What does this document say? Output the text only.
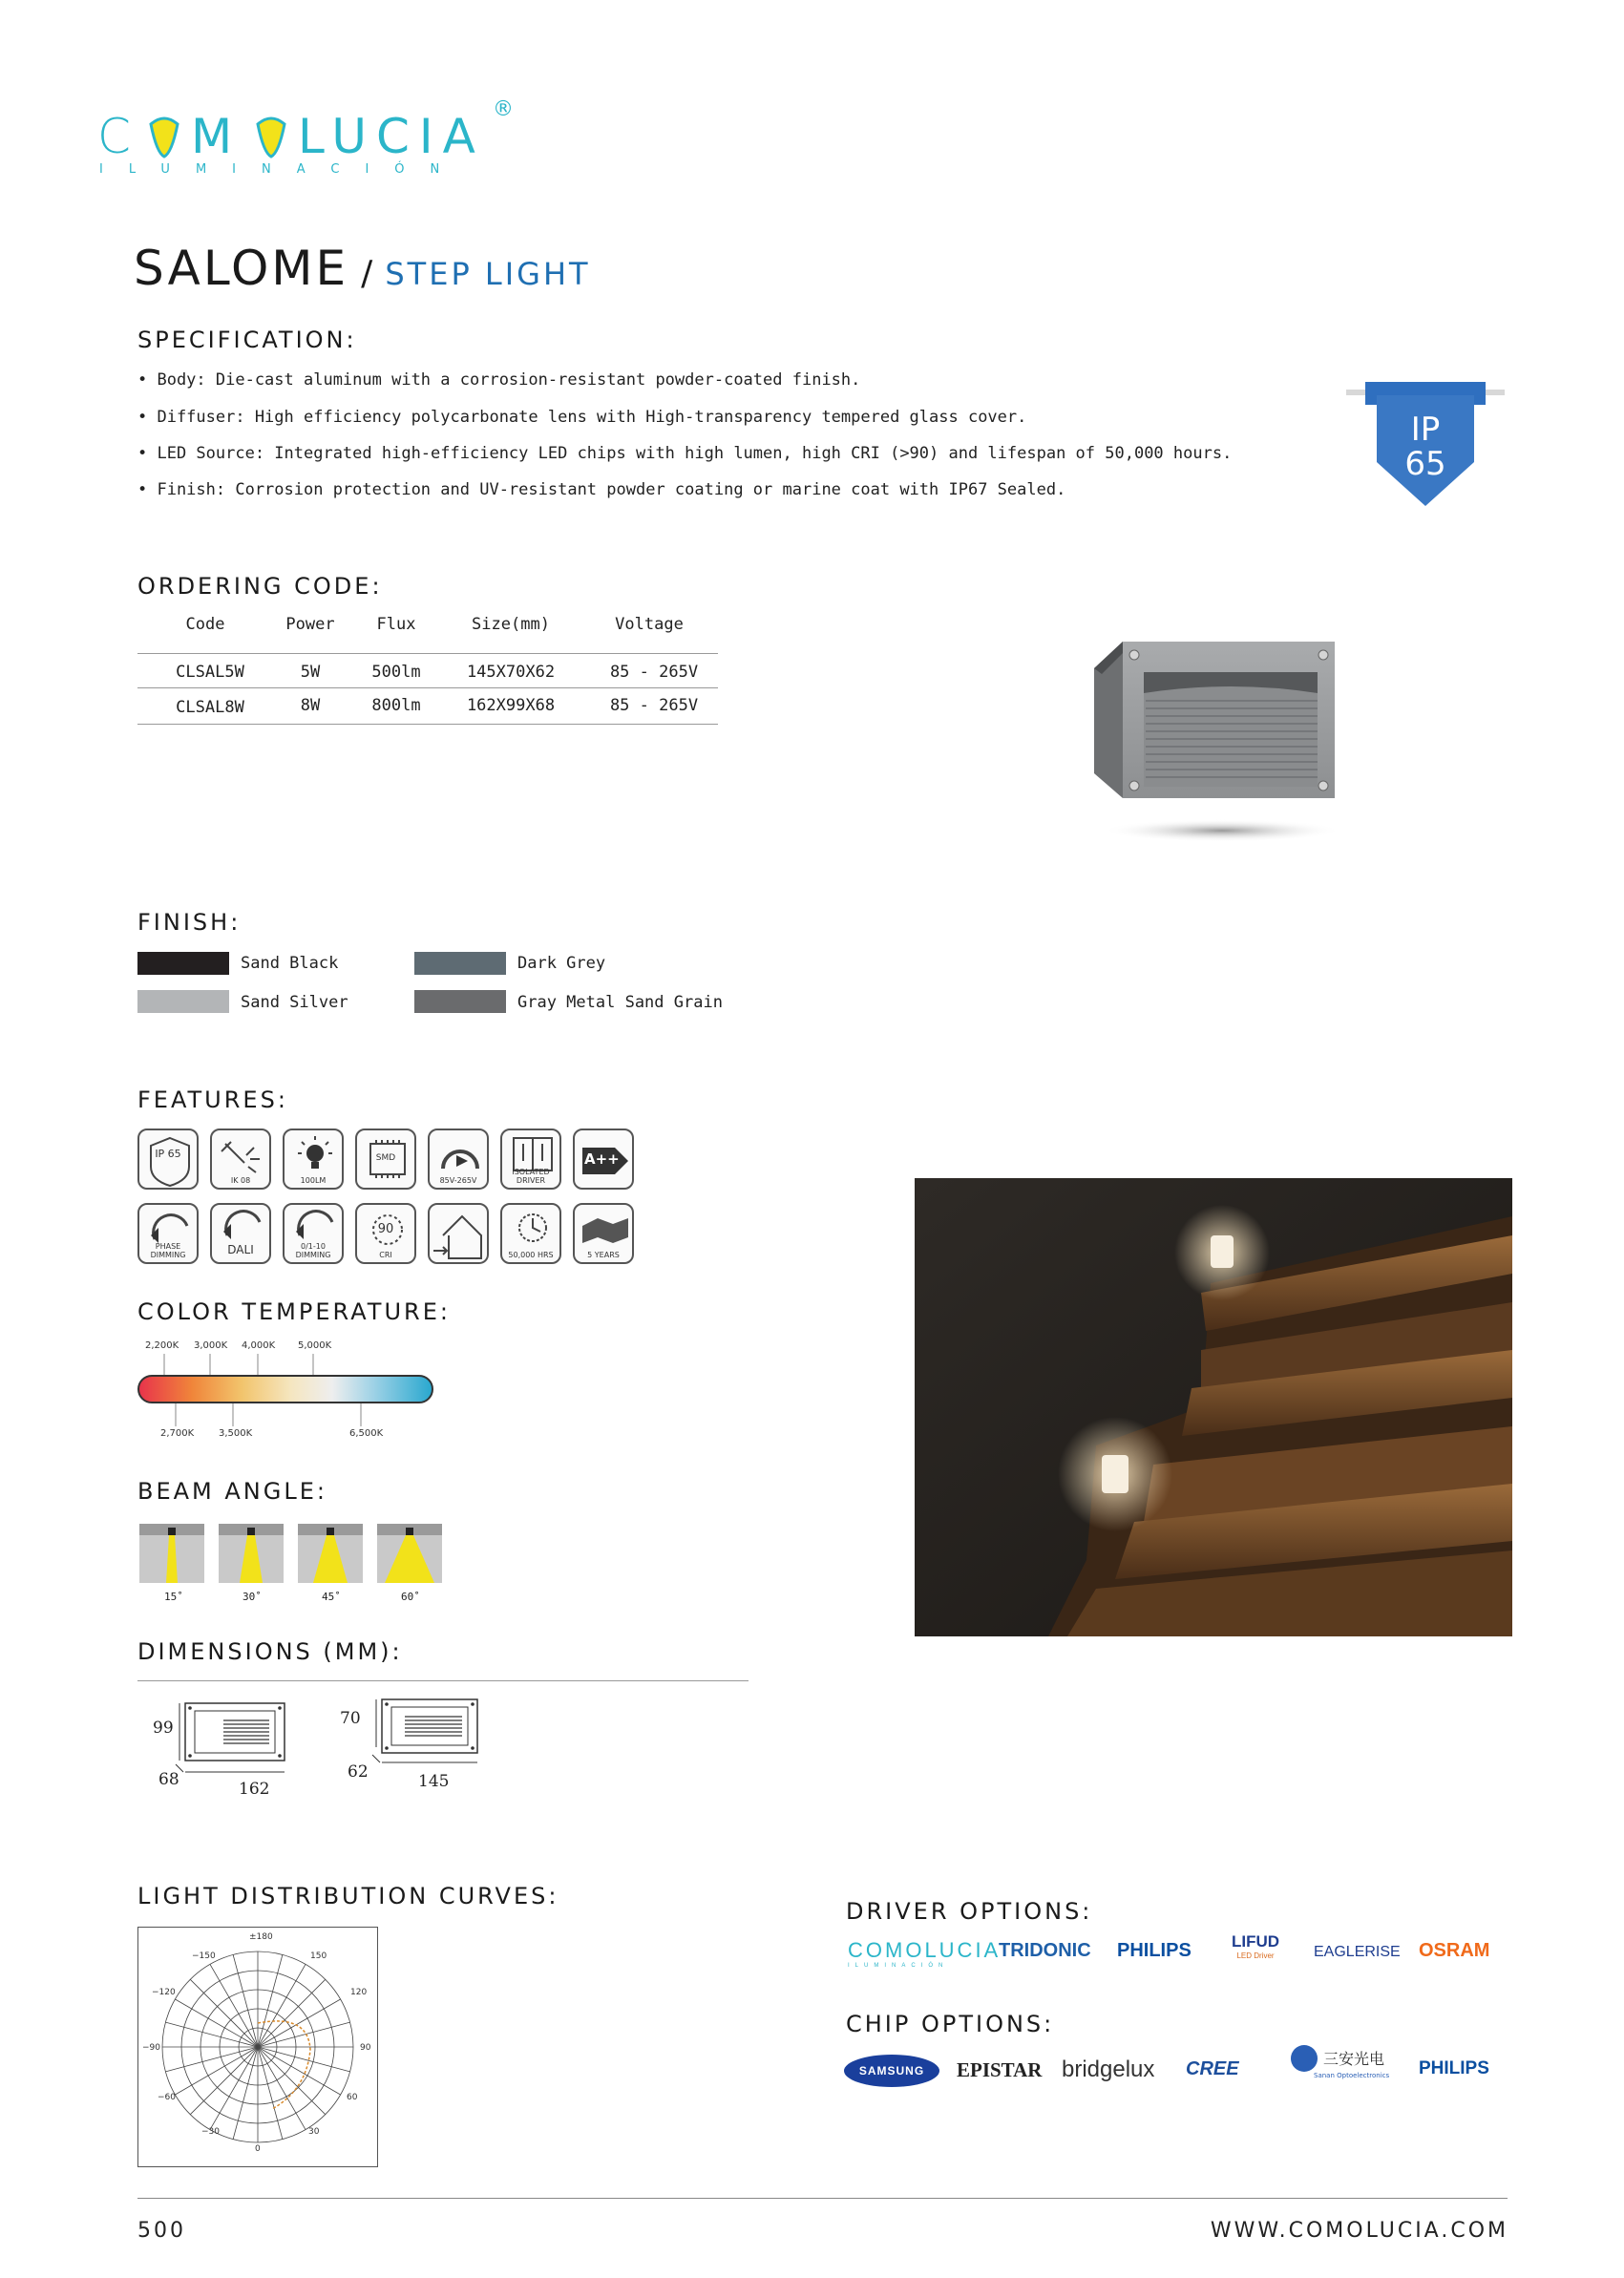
C M LUCIA ®
ILUMINACIÓN
SALOME / STEP LIGHT
SPECIFICATION:
• Body: Die-cast aluminum with a corrosion-resistant powder-coated finish.
• Diffuser: High efficiency polycarbonate lens with High-transparency tempered glass cover.
• LED Source: Integrated high-efficiency LED chips with high lumen, high CRI (>90) and lifespan of 50,000 hours.
• Finish: Corrosion protection and UV-resistant powder coating or marine coat with IP67 Sealed.
IP
65
ORDERING CODE:
Code	Power	Flux	Size(mm)	Voltage
CLSAL5W	5W	500lm	145X70X62	85 - 265V
CLSAL8W	8W	800lm	162X99X68	85 - 265V
FINISH:
Sand Black	Dark Grey
Sand Silver	Gray Metal Sand Grain
FEATURES:
IP 65
IK 08	100LM
SMD
85V-265V
ISOLATED DRIVER
A++
PHASE DIMMING	DALI	0/1-10 DIMMING
90
CRI	50,000 HRS	5 YEARS
COLOR TEMPERATURE:
2,200K 3,000K 4,000K 5,000K
2,700K	3,500K	6,500K
BEAM ANGLE:
15˚	30˚	45˚	60˚
DIMENSIONS (MM):
99
68	162
70
62	145
LIGHT DISTRIBUTION CURVES:
±180
−150	150
−120	120
−90	90
−60	60
−30	30
0
DRIVER OPTIONS:
COMOLUCIA
ILUMINACIÓN
TRIDONIC PHILIPS LIFUD
LED Driver	EAGLERISE OSRAM
CHIP OPTIONS:
SAMSUNG	EPISTAR bridgelux CREE	三安光电
Sanan Optoelectronics PHILIPS
500	WWW.COMOLUCIA.COM
